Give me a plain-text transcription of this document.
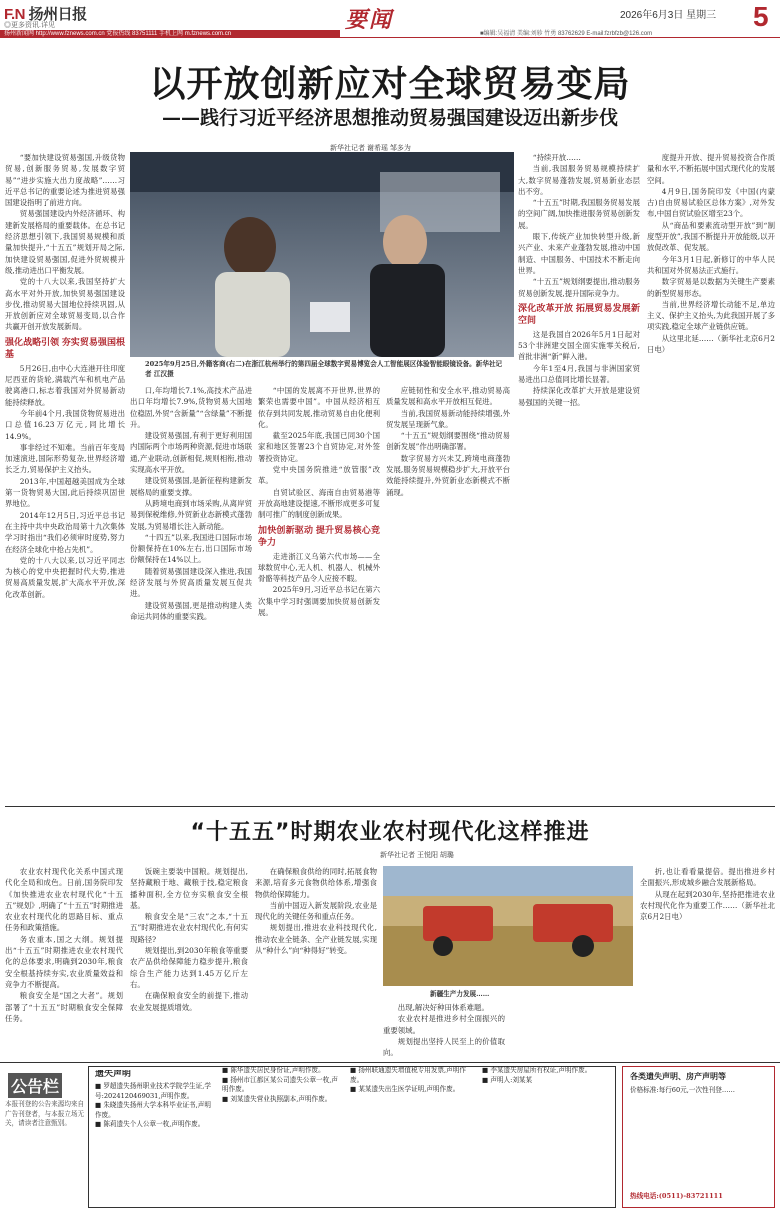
F.N 扬州日报
◎更多资讯.详见
扬州新闻网 http://www.fznews.com.cn 党报热线 83751111 手机上网 m.fznews.com.cn
要闻
■编辑:吴福清 美编:刘轸 竹勇 83762629 E-mail:fzrbfzb@126.com
2026年6月3日 星期三 5
以开放创新应对全球贸易变局
——践行习近平经济思想推动贸易强国建设迈出新步伐
新华社记者 谢希瑶 邹多为

“要加快建设贸易强国,升级货物贸易,创新服务贸易,发展数字贸易”“进步实施大出力度战略”……习近平总书记的重要论述为推进贸易强国建设指明了前进方向。

贸易强国建设内外经济循环、构建新发展格局的重要载体。在总书记经济思想引领下,我国贸易规模和质量加快提升,“十五五”规划开局之际,加快建设贸易强国,促进外贸规模升级,推动进出口平衡发展。

党的十八大以来,我国坚持扩大高水平对外开放,加快贸易强国建设步伐,推动贸易大国地位持续巩固,从开放创新应对全球贸易变局,以合作共赢开创开放发展新局。

强化战略引领 夯实贸易强国根基

5月26日,由中心大连港开往印度尼西亚的货轮,满载汽车和机电产品驶离港口,标志着我国对外贸易新动能持续释放。

今年前4个月,我国货物贸易进出口总值16.23万亿元,同比增长14.9%。

事非经过不知难。当前百年变局加速演进,国际形势复杂,世界经济增长乏力,贸易保护主义抬头。

2013年,中国超越美国成为全球第一货物贸易大国,此后持续巩固世界地位。

2014年12月5日,习近平总书记在主持中共中央政治局第十九次集体学习时指出“我们必须审时度势,努力在经济全球化中抢占先机”。

党的十八大以来,以习近平同志为核心的党中央把握时代大势,推进贸易高质量发展,扩大高水平开放,深化改革创新。

2025年9月25日,外籍客商(右二)在浙江杭州举行的第四届全球数字贸易博览会人工智能展区体验智能眼镜设备。新华社记者 江汉摄

口,年均增长7.1%,高技术产品进出口年均增长7.9%,货物贸易大国地位稳固,外贸“含新量”“含绿量”不断提升。

建设贸易强国,有利于更好利用国内国际两个市场两种资源,促进市场联通,产业联动,创新相促,规则相衔,推动实现高水平开放。

建设贸易强国,是新征程构建新发展格局的重要支撑。

从跨境电商到市场采购,从离岸贸易到保税维修,外贸新业态新模式蓬勃发展,为贸易增长注入新动能。

“十四五”以来,我国进口国际市场份额保持在10%左右,出口国际市场份额保持在14%以上。

随着贸易强国建设深入推进,我国经济发展与外贸高质量发展互促共进。

建设贸易强国,更是推动构建人类命运共同体的重要实践。

“中国的发展离不开世界,世界的繁荣也需要中国”。中国从经济相互依存到共同发展,推动贸易自由化便利化。

截至2025年底,我国已同30个国家和地区签署23个自贸协定,对外签署投资协定。

党中央国务院推进“放管服”改革。

自贸试验区、海南自由贸易港等开放高地建设提速,不断形成更多可复制可推广的制度创新成果。

加快创新驱动 提升贸易核心竞争力

走进浙江义乌第六代市场——全球数贸中心,无人机、机器人、机械外骨骼等科技产品令人应接不暇。

2025年9月,习近平总书记在第六次集中学习时强调要加快贸易创新发展。

应链韧性和安全水平,推动贸易高质量发展和高水平开放相互促进。

当前,我国贸易新动能持续增强,外贸发展呈现新气象。

“十五五”规划纲要围绕“推动贸易创新发展”作出明确部署。

数字贸易方兴未艾,跨境电商蓬勃发展,服务贸易规模稳步扩大,开放平台效能持续提升,外贸新业态新模式不断涌现。

“持续开放……

当前,我国服务贸易规模持续扩大,数字贸易蓬勃发展,贸易新业态层出不穷。

“十五五”时期,我国服务贸易发展的空间广阔,加快推进服务贸易创新发展。

眼下,传统产业加快转型升级,新兴产业、未来产业蓬勃发展,推动中国制造、中国服务、中国技术不断走向世界。

“十五五”规划纲要提出,推动服务贸易创新发展,提升国际竞争力。

深化改革开放 拓展贸易发展新空间

这是我国自2026年5月1日起对53个非洲建交国全面实施零关税后,首批非洲“新”鲜入港。

今年1至4月,我国与非洲国家贸易进出口总值同比增长显著。

持续深化改革扩大开放是建设贸易强国的关键一招。

度提升开放、提升贸易投资合作质量和水平,不断拓展中国式现代化的发展空间。

4月9日,国务院印发《中国(内蒙古)自由贸易试验区总体方案》,对外发布,中国自贸试验区增至23个。

从“商品和要素流动型开放”到“制度型开放”,我国不断提升开放能级,以开放促改革、促发展。

今年3月1日起,新修订的中华人民共和国对外贸易法正式施行。

数字贸易是以数据为关键生产要素的新型贸易形态。

当前,世界经济增长动能不足,单边主义、保护主义抬头,为此我国开展了多项实践,稳定全球产业链供应链。

从这里北延……（新华社北京6月2日电）

“十五五”时期农业农村现代化这样推进
新华社记者 王悦阳 胡璐

农业农村现代化关系中国式现代化全局和成色。日前,国务院印发《加快推进农业农村现代化“十五五”规划》,明确了“十五五”时期推进农业农村现代化的思路目标、重点任务和政策措施。

务农重本,国之大纲。规划提出“十五五”时期推进农业农村现代化的总体要求,明确到2030年,粮食安全根基持续夯实,农业质量效益和竞争力不断提高。

粮食安全是“国之大者”。规划部署了“十五五”时期粮食安全保障任务。

饭碗主要装中国粮。规划提出,坚持藏粮于地、藏粮于技,稳定粮食播种面积,全方位夯实粮食安全根基。

粮食安全是“三农”之本,“十五五”时期推进农业农村现代化,有何实现路径?

规划提出,到2030年粮食等重要农产品供给保障能力稳步提升,粮食综合生产能力达到1.45万亿斤左右。

在确保粮食安全的前提下,推动农业发展提质增效。

在确保粮食供给的同时,拓展食物来源,培育多元食物供给体系,增强食物供给保障能力。

当前中国迈入新发展阶段,农业是现代化的关键任务和重点任务。

规划提出,推进农业科技现代化,推动农业全链条、全产业链发展,实现从“种什么”向“种得好”转变。

新疆生产力发展……

出现,解决好种田体系难题。

农业农村是推进乡村全面振兴的重要领域。

规划提出坚持人民至上的价值取向。

折,也让看看量提倍。提出推进乡村全面振兴,形成城乡融合发展新格局。

从现在起到2030年,坚持把推进农业农村现代化作为重要工作……（新华社北京6月2日电）

公告栏
本报刊登的公告来源均来自广告刊登者，与本报立场无关，请读者注意甄别。
遗失声明
■ 罗超遗失扬州职业技术学院学生证,学号:2024120469031,声明作废。
■ 朱晓遗失扬州大学本科毕业证书,声明作废。
■ 陈莉遗失个人公章一枚,声明作废。
■ 陈华遗失居民身份证,声明作废。
■ 扬州市江都区某公司遗失公章一枚,声明作废。
■ 刘某遗失营业执照副本,声明作废。
■ 扬州联通遗失增值税专用发票,声明作废。
■ 某某遗失出生医学证明,声明作废。
■ 李某遗失房屋所有权证,声明作废。
■ 声明人:刘某某	各类遗失声明、房产声明等
价格标准:每行60元,一次性刊登……
热线电话:(0511)-83721111
